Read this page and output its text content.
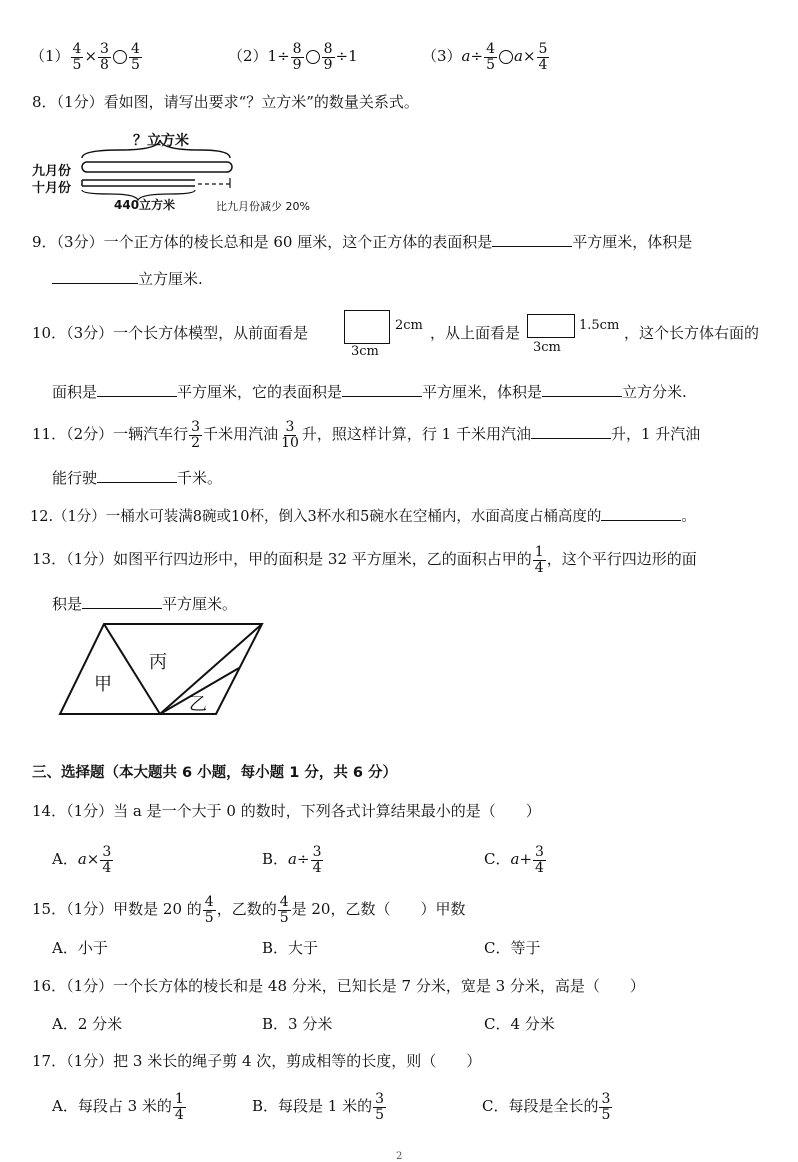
$(1) \frac{4}{5} \times \frac{3}{8} \frac{4}{5}$	$(2)1\div \frac{8}{9} \frac{8}{9} \div 1$	$(3)a\div \frac{4}{5} a\times \frac{5}{4}$
8．（1分）看如图，请写出要求“？立方米”的数量关系式。
？立方米
九月份
十月份
440立方米	比九月份减少 20%
9．（3分）一个正方体的棱长总和是 60 厘米，这个正方体的表面积是	平方厘米，体积是
立方厘米.
10．（3分）一个长方体模型，从前面看是	2cm
3cm
，从上面看是	1.5cm
3cm
，这个长方体右面的
面积是	平方厘米，它的表面积是	平方厘米，体积是	立方分米.
11．（2分）一辆汽车行 $\frac{3}{2}$ 千米用汽油 $\frac{3}{10}$ 升，照这样计算，行 1 千米用汽油	升，1 升汽油
能行驶	千米。
12.（1分）一桶水可装满8碗或10杯，倒入3杯水和5碗水在空桶内，水面高度占桶高度的	。
13．（1分）如图平行四边形中，甲的面积是 32 平方厘米，乙的面积占甲的 $\frac{1}{4}$ ，这个平行四边形的面
积是	平方厘米。
甲
丙
乙
三、选择题（本大题共 6 小题，每小题 1 分，共 6 分）
14．（1分）当 a 是一个大于 0 的数时，下列各式计算结果最小的是（　　）
A．$a\times \frac{3}{4}$	B．$a\div \frac{3}{4}$	C．$a+ \frac{3}{4}$
15．（1分）甲数是 20 的 $\frac{4}{5}$ ，乙数的 $\frac{4}{5}$ 是 20，乙数（　　）甲数
A．小于	B．大于	C．等于
16．（1分）一个长方体的棱长和是 48 分米，已知长是 7 分米，宽是 3 分米，高是（　　）
A．2 分米	B．3 分米	C．4 分米
17．（1分）把 3 米长的绳子剪 4 次，剪成相等的长度，则（　　）
A．每段占 3 米的 $\frac{1}{4}$	B．每段是 1 米的 $\frac{3}{5}$	C．每段是全长的 $\frac{3}{5}$
2
